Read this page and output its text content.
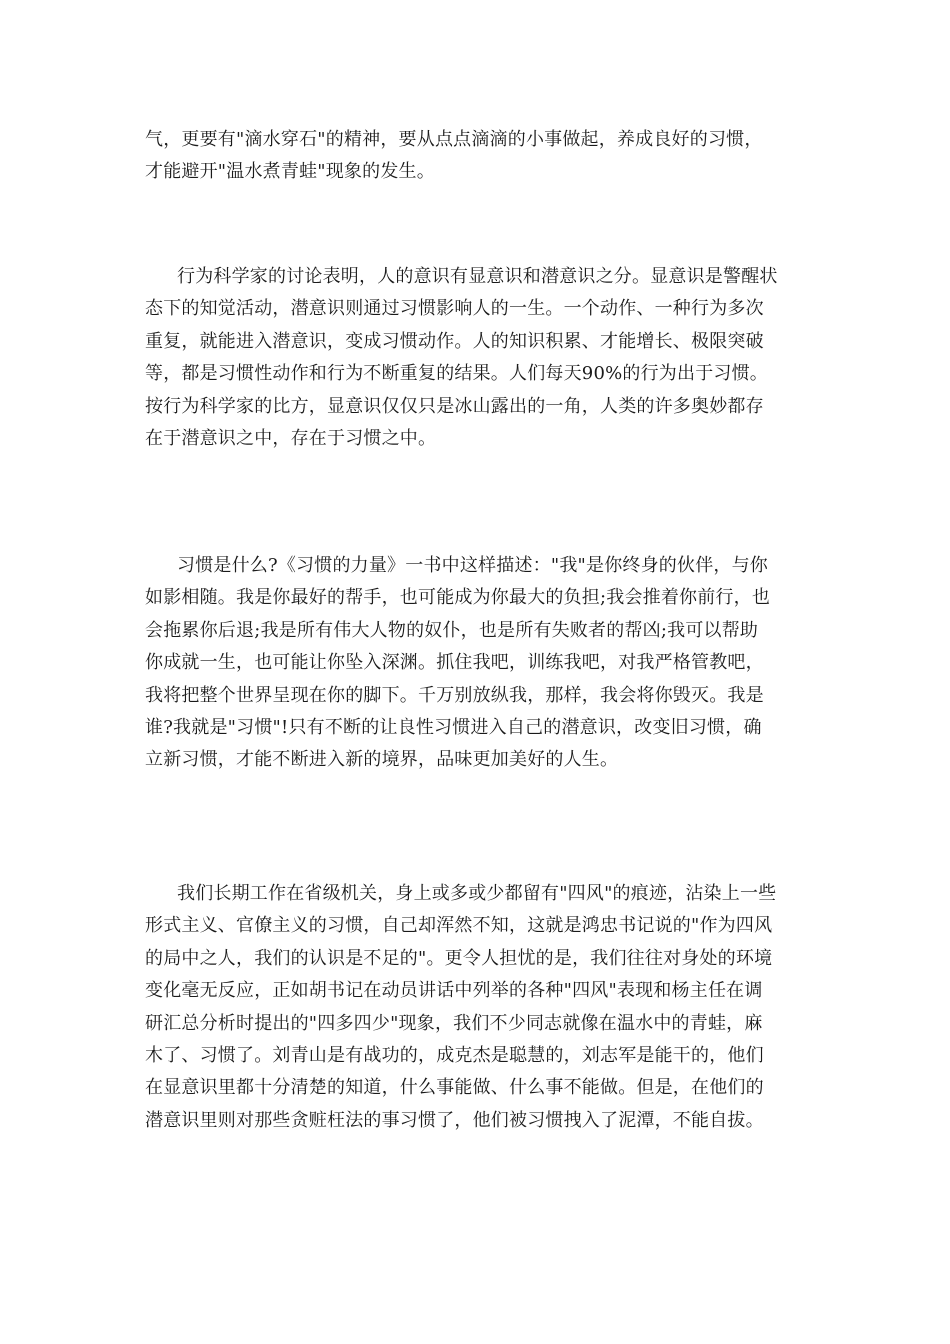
气，更要有"滴水穿石"的精神，要从点点滴滴的小事做起，养成良好的习惯，
才能避开"温水煮青蛙"现象的发生。

行为科学家的讨论表明，人的意识有显意识和潜意识之分。显意识是警醒状
态下的知觉活动，潜意识则通过习惯影响人的一生。一个动作、一种行为多次
重复，就能进入潜意识，变成习惯动作。人的知识积累、才能增长、极限突破
等，都是习惯性动作和行为不断重复的结果。人们每天90%的行为出于习惯。
按行为科学家的比方，显意识仅仅只是冰山露出的一角，人类的许多奥妙都存
在于潜意识之中，存在于习惯之中。

习惯是什么?《习惯的力量》一书中这样描述："我"是你终身的伙伴，与你
如影相随。我是你最好的帮手，也可能成为你最大的负担;我会推着你前行，也
会拖累你后退;我是所有伟大人物的奴仆，也是所有失败者的帮凶;我可以帮助
你成就一生，也可能让你坠入深渊。抓住我吧，训练我吧，对我严格管教吧，
我将把整个世界呈现在你的脚下。千万别放纵我，那样，我会将你毁灭。我是
谁?我就是"习惯"!只有不断的让良性习惯进入自己的潜意识，改变旧习惯，确
立新习惯，才能不断进入新的境界，品味更加美好的人生。

我们长期工作在省级机关，身上或多或少都留有"四风"的痕迹，沾染上一些
形式主义、官僚主义的习惯，自己却浑然不知，这就是鸿忠书记说的"作为四风
的局中之人，我们的认识是不足的"。更令人担忧的是，我们往往对身处的环境
变化毫无反应，正如胡书记在动员讲话中列举的各种"四风"表现和杨主任在调
研汇总分析时提出的"四多四少"现象，我们不少同志就像在温水中的青蛙，麻
木了、习惯了。刘青山是有战功的，成克杰是聪慧的，刘志军是能干的，他们
在显意识里都十分清楚的知道，什么事能做、什么事不能做。但是，在他们的
潜意识里则对那些贪赃枉法的事习惯了，他们被习惯拽入了泥潭，不能自拔。
